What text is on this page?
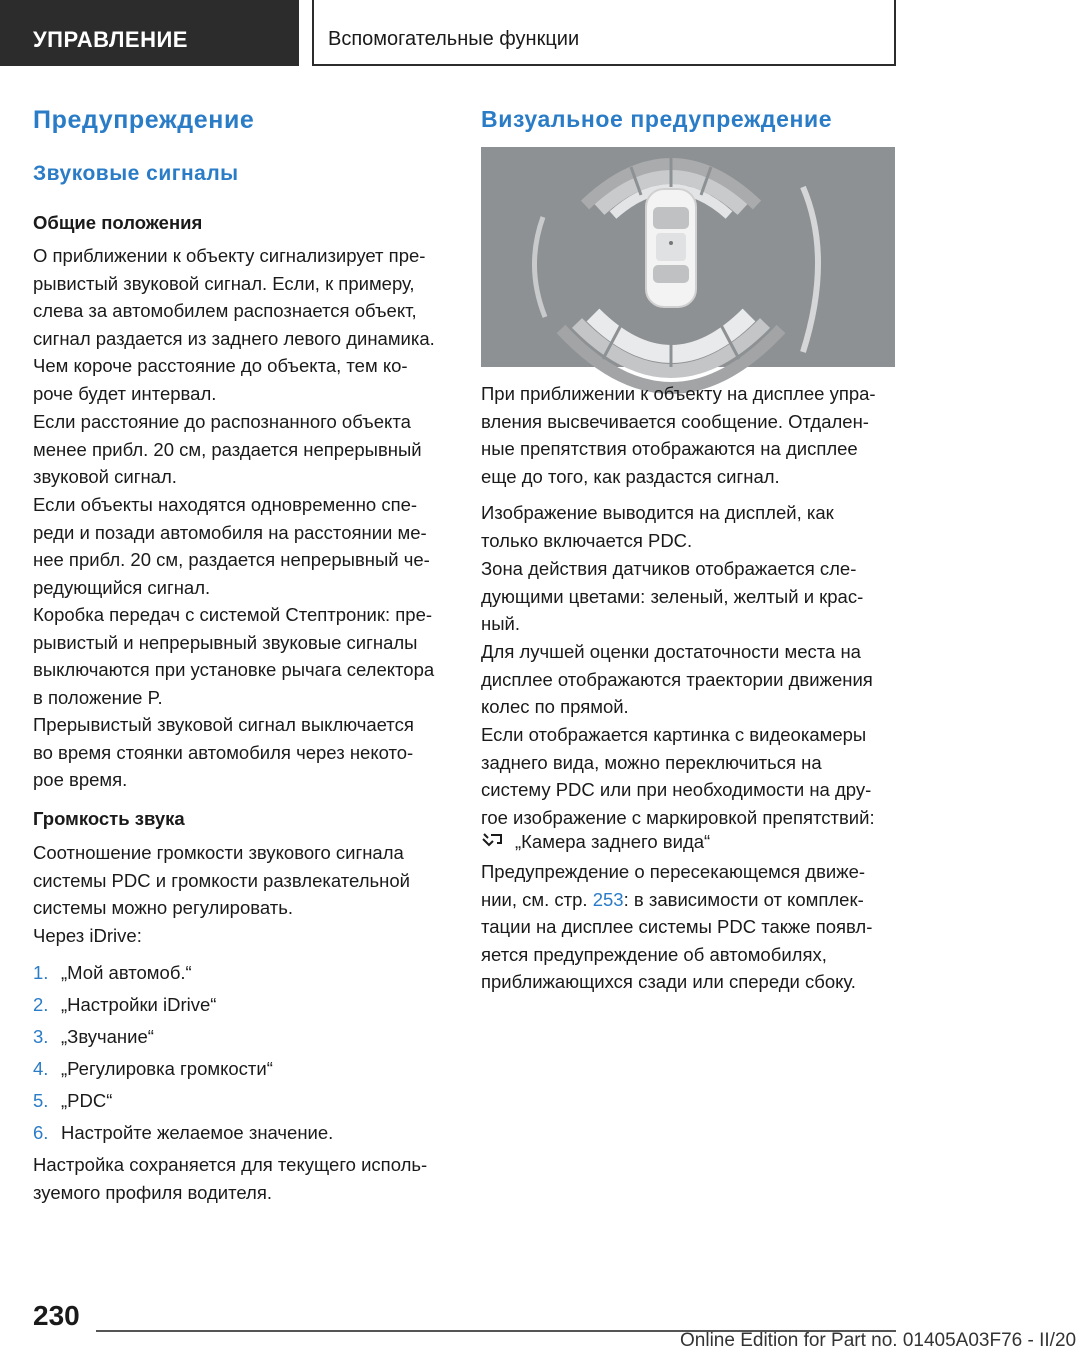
УПРАВЛЕНИЕ	Вспомогательные функции
Предупреждение
Звуковые сигналы
Общие положения
О приближении к объекту сигнализирует пре-
рывистый звуковой сигнал. Если, к примеру,
слева за автомобилем распознается объект,
сигнал раздается из заднего левого динамика.
Чем короче расстояние до объекта, тем ко-
роче будет интервал.
Если расстояние до распознанного объекта
менее прибл. 20 см, раздается непрерывный
звуковой сигнал.
Если объекты находятся одновременно спе-
реди и позади автомобиля на расстоянии ме-
нее прибл. 20 см, раздается непрерывный че-
редующийся сигнал.
Коробка передач с системой Стептроник: пре-
рывистый и непрерывный звуковые сигналы
выключаются при установке рычага селектора
в положение P.
Прерывистый звуковой сигнал выключается
во время стоянки автомобиля через некото-
рое время.
Громкость звука
Соотношение громкости звукового сигнала
системы PDC и громкости развлекательной
системы можно регулировать.
Через iDrive:
1. „Мой автомоб.“
2. „Настройки iDrive“
3. „Звучание“
4. „Регулировка громкости“
5. „PDC“
6. Настройте желаемое значение.
Настройка сохраняется для текущего исполь-
зуемого профиля водителя.
Визуальное предупреждение
При приближении к объекту на дисплее упра-
вления высвечивается сообщение. Отдален-
ные препятствия отображаются на дисплее
еще до того, как раздастся сигнал.
Изображение выводится на дисплей, как
только включается PDC.
Зона действия датчиков отображается сле-
дующими цветами: зеленый, желтый и крас-
ный.
Для лучшей оценки достаточности места на
дисплее отображаются траектории движения
колес по прямой.
Если отображается картинка с видеокамеры
заднего вида, можно переключиться на
систему PDC или при необходимости на дру-
гое изображение с маркировкой препятствий:
„Камера заднего вида“
Предупреждение о пересекающемся движе-
нии, см. стр. 253: в зависимости от комплек-
тации на дисплее системы PDC также появл-
яется предупреждение об автомобилях,
приближающихся сзади или спереди сбоку.
230
Online Edition for Part no. 01405A03F76 - II/20
